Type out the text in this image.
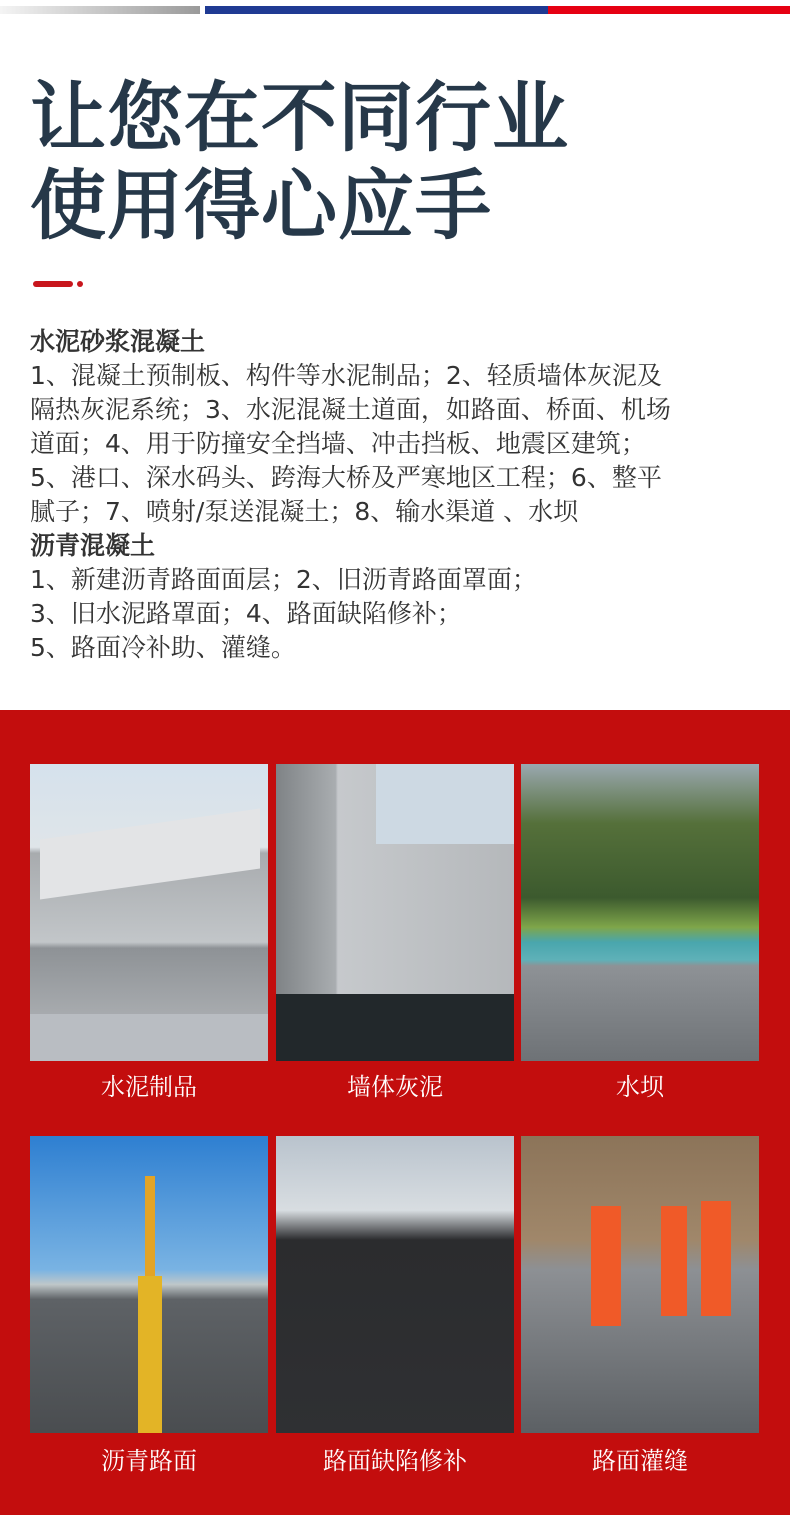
让您在不同行业
使用得心应手
水泥砂浆混凝土
1、混凝土预制板、构件等水泥制品；2、轻质墙体灰泥及
隔热灰泥系统；3、水泥混凝土道面，如路面、桥面、机场
道面；4、用于防撞安全挡墙、冲击挡板、地震区建筑；
5、港口、深水码头、跨海大桥及严寒地区工程；6、整平
腻子；7、喷射/泵送混凝土；8、输水渠道 、水坝
沥青混凝土
1、新建沥青路面面层；2、旧沥青路面罩面；
3、旧水泥路罩面；4、路面缺陷修补；
5、路面冷补助、灌缝。
水泥制品	墙体灰泥	水坝
沥青路面	路面缺陷修补	路面灌缝
